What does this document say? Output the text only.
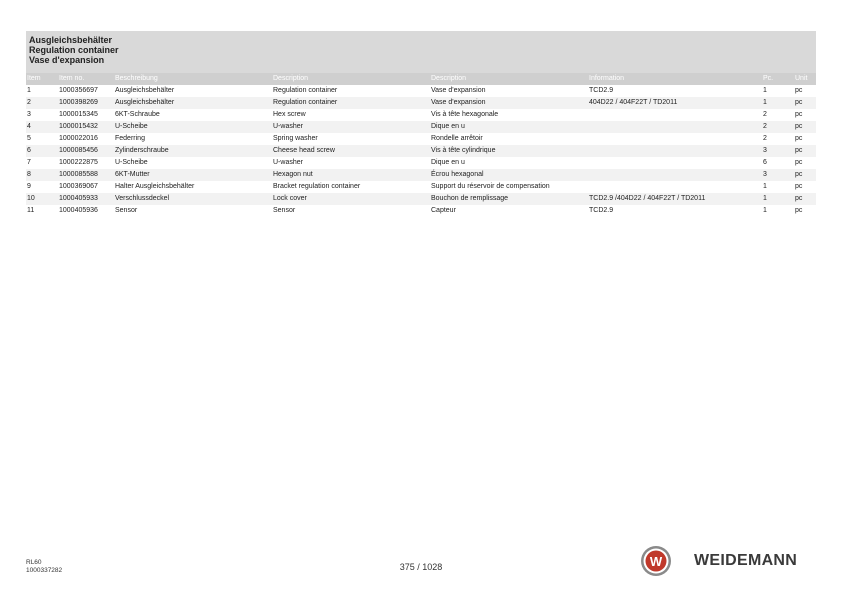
Ausgleichsbehälter
Regulation container
Vase d'expansion
Item	Item no.	Beschreibung	Description	Description	Information	Pc.	Unit
1	1000356697	Ausgleichsbehälter	Regulation container	Vase d'expansion	TCD2.9	1	pc
2	1000398269	Ausgleichsbehälter	Regulation container	Vase d'expansion	404D22 / 404F22T / TD2011	1	pc
3	1000015345	6KT-Schraube	Hex screw	Vis à tête hexagonale		2	pc
4	1000015432	U-Scheibe	U-washer	Dique en u		2	pc
5	1000022016	Federring	Spring washer	Rondelle arrêtoir		2	pc
6	1000085456	Zylinderschraube	Cheese head screw	Vis à tête cylindrique		3	pc
7	1000222875	U-Scheibe	U-washer	Dique en u		6	pc
8	1000085588	6KT-Mutter	Hexagon nut	Écrou hexagonal		3	pc
9	1000369067	Halter Ausgleichsbehälter	Bracket regulation container	Support du réservoir de compensation		1	pc
10	1000405933	Verschlussdeckel	Lock cover	Bouchon de remplissage	TCD2.9 /404D22 / 404F22T / TD2011	1	pc
11	1000405936	Sensor	Sensor	Capteur	TCD2.9	1	pc
RL60
1000337282	375 / 1028	W WEIDEMANN
